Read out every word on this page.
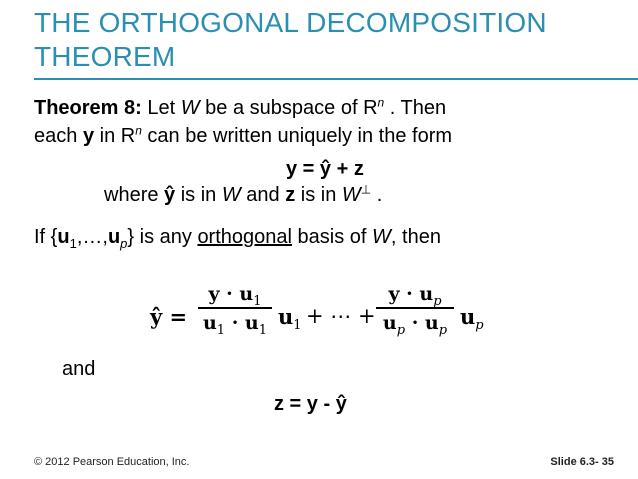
THE ORTHOGONAL DECOMPOSITION
THEOREM
Theorem 8: Let W be a subspace of $R^n$ . Then
each y in $R^n$ can be written uniquely in the form
y = ŷ + z
where ŷ is in W and z is in W⊥ .
If $\{u_1,\dots,u_p\}$ is any orthogonal basis of W, then
ŷ =
$y \cdot u_1$
$u_1 \cdot u_1$
$u_1$ + ⋯ +
$y \cdot u_p$
$u_p \cdot u_p$
$u_p$
and
z = y - ŷ
© 2012 Pearson Education, Inc.	Slide 6.3- 35
